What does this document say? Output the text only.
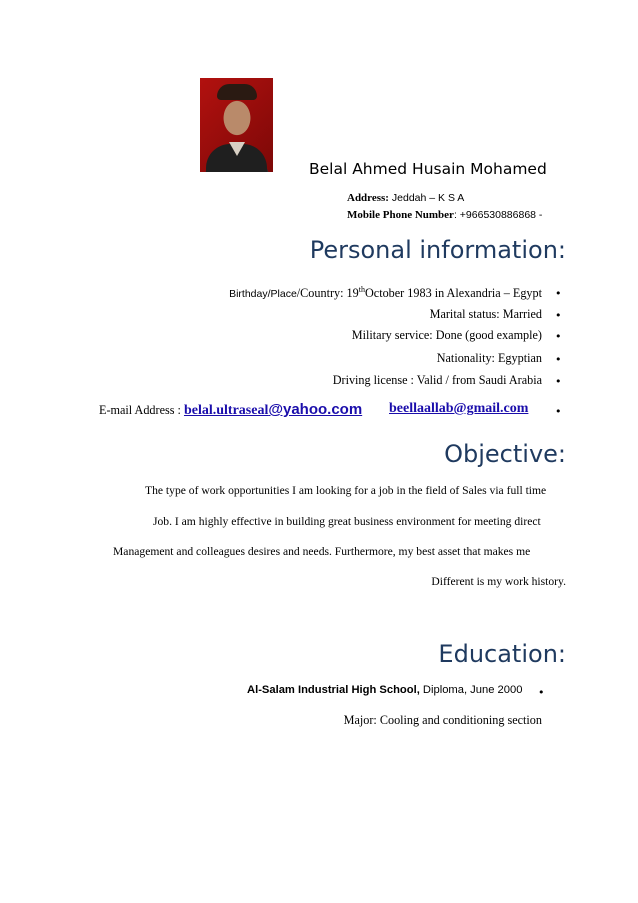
Belal Ahmed Husain Mohamed
Address: Jeddah – K S A
Mobile Phone Number: +966530886868 -
Personal information:
Birthday/Place/Country: 19thOctober 1983 in Alexandria – Egypt •
Marital status: Married •
Military service: Done (good example) •
Nationality: Egyptian •
Driving license : Valid / from Saudi Arabia •
E-mail Address : belal.ultraseal@yahoo.com beellaallab@gmail.com •
Objective:
The type of work opportunities I am looking for a job in the field of Sales via full time
Job. I am highly effective in building great business environment for meeting direct
Management and colleagues desires and needs. Furthermore, my best asset that makes me
Different is my work history.
Education:
Al-Salam Industrial High School, Diploma, June 2000 •
Major: Cooling and conditioning section
